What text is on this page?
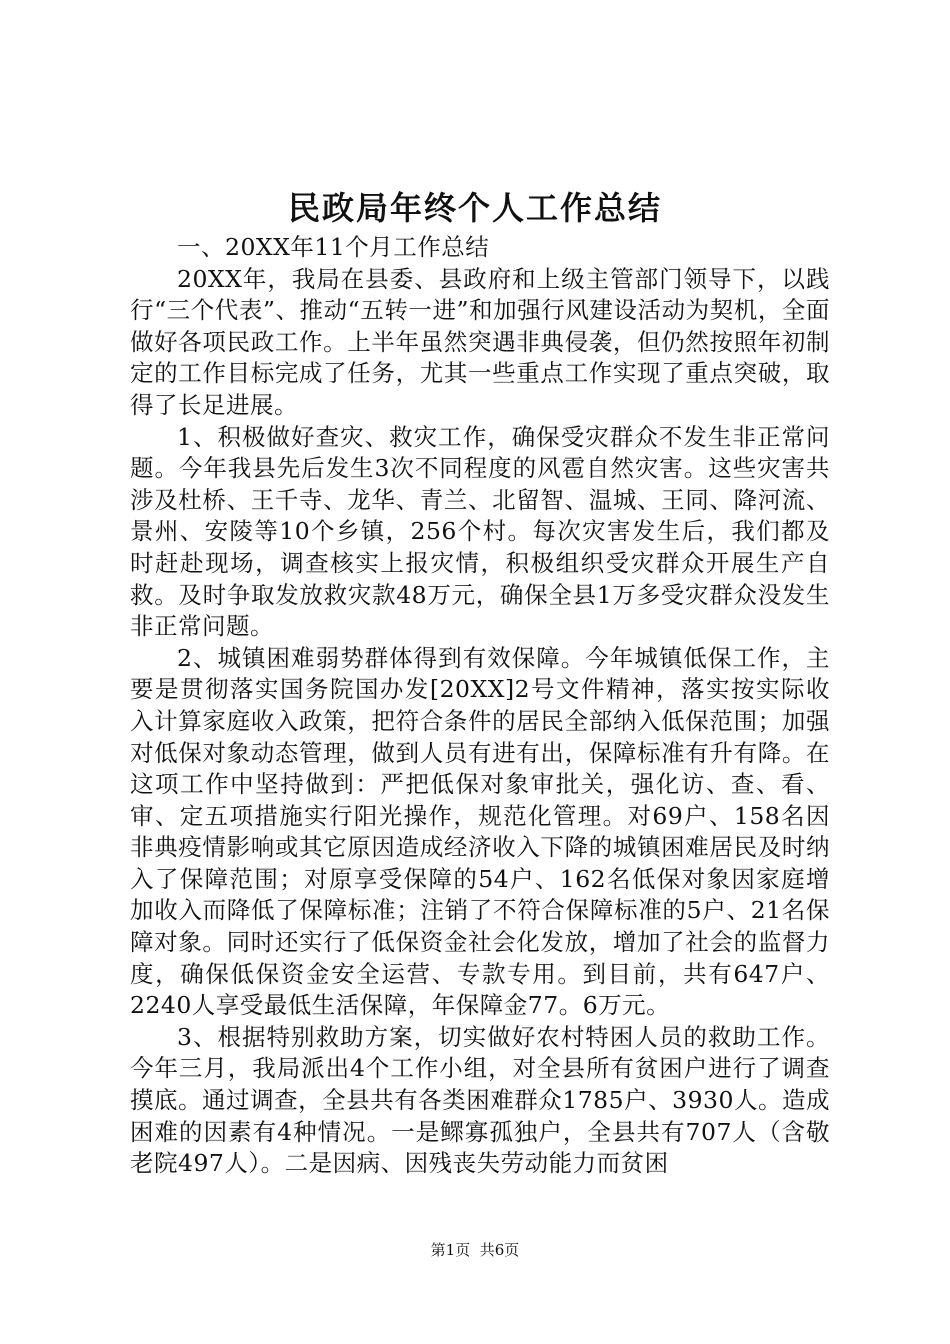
民政局年终个人工作总结

一、20XX年11个月工作总结

20XX年，我局在县委、县政府和上级主管部门领导下，以践行“三个代表”、推动“五转一进”和加强行风建设活动为契机，全面做好各项民政工作。上半年虽然突遇非典侵袭，但仍然按照年初制定的工作目标完成了任务，尤其一些重点工作实现了重点突破，取得了长足进展。

1、积极做好查灾、救灾工作，确保受灾群众不发生非正常问题。今年我县先后发生3次不同程度的风雹自然灾害。这些灾害共涉及杜桥、王千寺、龙华、青兰、北留智、温城、王同、降河流、景州、安陵等10个乡镇，256个村。每次灾害发生后，我们都及时赶赴现场，调查核实上报灾情，积极组织受灾群众开展生产自救。及时争取发放救灾款48万元，确保全县1万多受灾群众没发生非正常问题。

2、城镇困难弱势群体得到有效保障。今年城镇低保工作，主要是贯彻落实国务院国办发[20XX]2号文件精神，落实按实际收入计算家庭收入政策，把符合条件的居民全部纳入低保范围；加强对低保对象动态管理，做到人员有进有出，保障标准有升有降。在这项工作中坚持做到：严把低保对象审批关，强化访、查、看、审、定五项措施实行阳光操作，规范化管理。对69户、158名因非典疫情影响或其它原因造成经济收入下降的城镇困难居民及时纳入了保障范围；对原享受保障的54户、162名低保对象因家庭增加收入而降低了保障标准；注销了不符合保障标准的5户、21名保障对象。同时还实行了低保资金社会化发放，增加了社会的监督力度，确保低保资金安全运营、专款专用。到目前，共有647户、2240人享受最低生活保障，年保障金77。6万元。

3、根据特别救助方案，切实做好农村特困人员的救助工作。今年三月，我局派出4个工作小组，对全县所有贫困户进行了调查摸底。通过调查，全县共有各类困难群众1785户、3930人。造成困难的因素有4种情况。一是鳏寡孤独户，全县共有707人（含敬老院497人）。二是因病、因残丧失劳动能力而贫困

第1页 共6页
